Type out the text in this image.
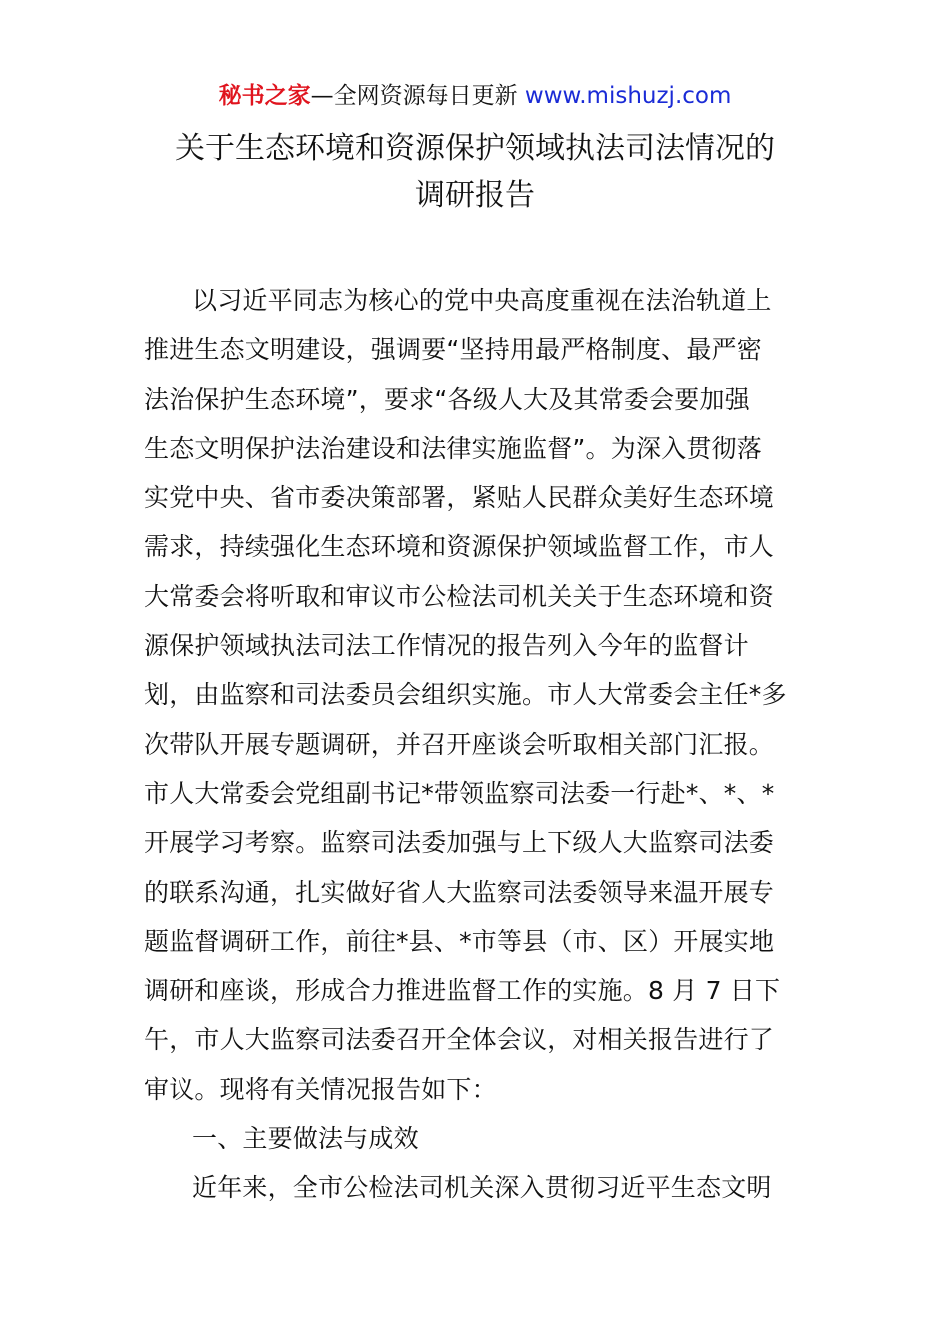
秘书之家—全网资源每日更新 www.mishuzj.com
关于生态环境和资源保护领域执法司法情况的
调研报告
以习近平同志为核心的党中央高度重视在法治轨道上
推进生态文明建设，强调要“坚持用最严格制度、最严密
法治保护生态环境”，要求“各级人大及其常委会要加强
生态文明保护法治建设和法律实施监督”。为深入贯彻落
实党中央、省市委决策部署，紧贴人民群众美好生态环境
需求，持续强化生态环境和资源保护领域监督工作，市人
大常委会将听取和审议市公检法司机关关于生态环境和资
源保护领域执法司法工作情况的报告列入今年的监督计
划，由监察和司法委员会组织实施。市人大常委会主任*多
次带队开展专题调研，并召开座谈会听取相关部门汇报。
市人大常委会党组副书记*带领监察司法委一行赴*、*、*
开展学习考察。监察司法委加强与上下级人大监察司法委
的联系沟通，扎实做好省人大监察司法委领导来温开展专
题监督调研工作，前往*县、*市等县（市、区）开展实地
调研和座谈，形成合力推进监督工作的实施。8 月 7 日下
午，市人大监察司法委召开全体会议，对相关报告进行了
审议。现将有关情况报告如下：
一、主要做法与成效
近年来，全市公检法司机关深入贯彻习近平生态文明
